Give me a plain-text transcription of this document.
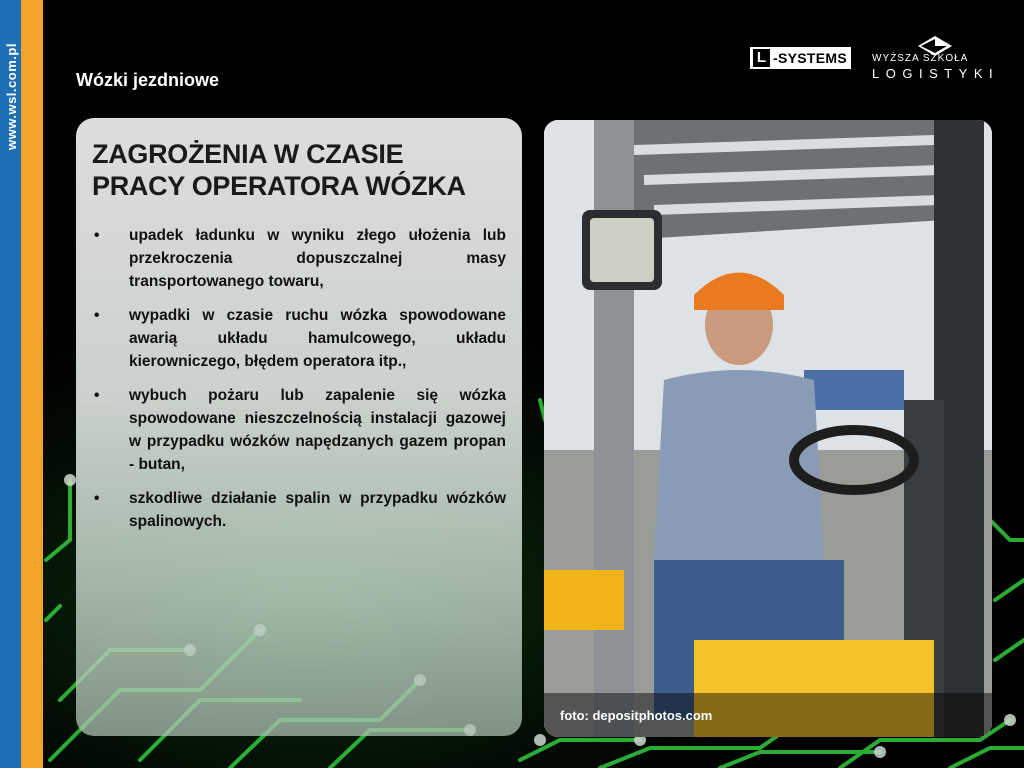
www.wsl.com.pl	Wózki jezdniowe
L -SYSTEMS	WYŻSZA SZKOŁA
LOGISTYKI
ZAGROŻENIA W CZASIE
PRACY OPERATORA WÓZKA
• upadek ładunku w wyniku złego ułożenia lub przekroczenia dopuszczalnej masy transportowanego towaru,
• wypadki w czasie ruchu wózka spowodowane awarią układu hamulcowego, układu kierowniczego, błędem operatora itp.,
• wybuch pożaru lub zapalenie się wózka spowodowane nieszczelnością instalacji gazowej w przypadku wózków napędzanych gazem propan - butan,
• szkodliwe działanie spalin w przypadku wózków spalinowych.
foto: depositphotos.com
